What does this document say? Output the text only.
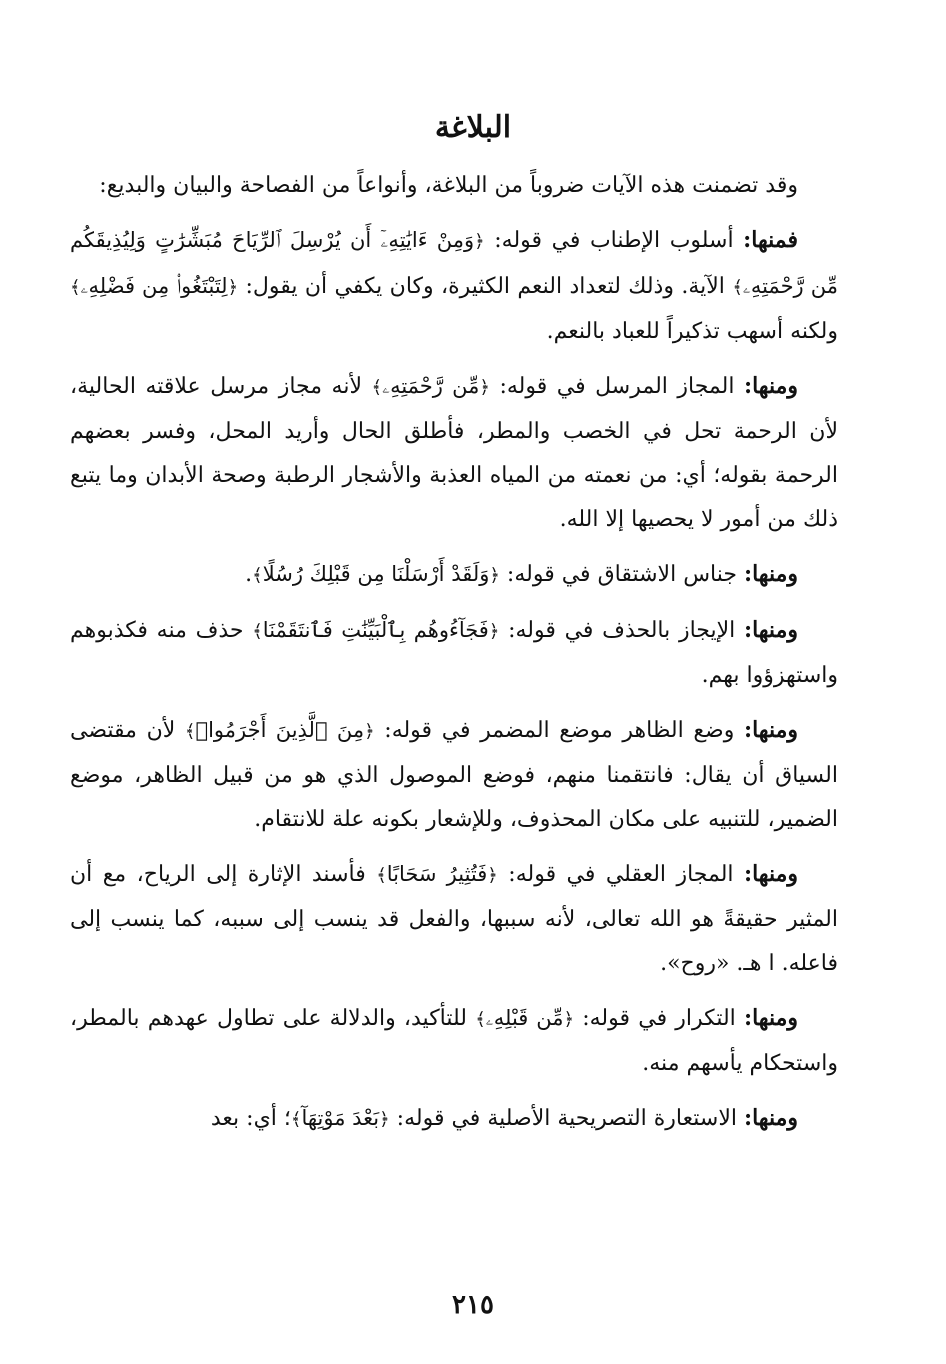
البلاغة

وقد تضمنت هذه الآيات ضروباً من البلاغة، وأنواعاً من الفصاحة والبيان والبديع:

فمنها: أسلوب الإطناب في قوله: ﴿وَمِنْ ءَايَٰتِهِۦٓ أَن يُرْسِلَ ٱلرِّيَاحَ مُبَشِّرَٰتٍ وَلِيُذِيقَكُم مِّن رَّحْمَتِهِۦ﴾ الآية. وذلك لتعداد النعم الكثيرة، وكان يكفي أن يقول: ﴿لِتَبْتَغُوا۟ مِن فَضْلِهِۦ﴾ ولكنه أسهب تذكيراً للعباد بالنعم.

ومنها: المجاز المرسل في قوله: ﴿مِّن رَّحْمَتِهِۦ﴾ لأنه مجاز مرسل علاقته الحالية، لأن الرحمة تحل في الخصب والمطر، فأطلق الحال وأريد المحل، وفسر بعضهم الرحمة بقوله؛ أي: من نعمته من المياه العذبة والأشجار الرطبة وصحة الأبدان وما يتبع ذلك من أمور لا يحصيها إلا الله.

ومنها: جناس الاشتقاق في قوله: ﴿وَلَقَدْ أَرْسَلْنَا مِن قَبْلِكَ رُسُلًا﴾.

ومنها: الإيجاز بالحذف في قوله: ﴿فَجَآءُوهُم بِٱلْبَيِّنَٰتِ فَٱنتَقَمْنَا﴾ حذف منه فكذبوهم واستهزؤوا بهم.

ومنها: وضع الظاهر موضع المضمر في قوله: ﴿مِنَ ٱلَّذِينَ أَجْرَمُوا۟﴾ لأن مقتضى السياق أن يقال: فانتقمنا منهم، فوضع الموصول الذي هو من قبيل الظاهر، موضع الضمير، للتنبيه على مكان المحذوف، وللإشعار بكونه علة للانتقام.

ومنها: المجاز العقلي في قوله: ﴿فَتُثِيرُ سَحَابًا﴾ فأسند الإثارة إلى الرياح، مع أن المثير حقيقةً هو الله تعالى، لأنه سببها، والفعل قد ينسب إلى سببه، كما ينسب إلى فاعله. ا هـ. «روح».

ومنها: التكرار في قوله: ﴿مِّن قَبْلِهِۦ﴾ للتأكيد، والدلالة على تطاول عهدهم بالمطر، واستحكام يأسهم منه.

ومنها: الاستعارة التصريحية الأصلية في قوله: ﴿بَعْدَ مَوْتِهَآ﴾؛ أي: بعد

٢١٥
